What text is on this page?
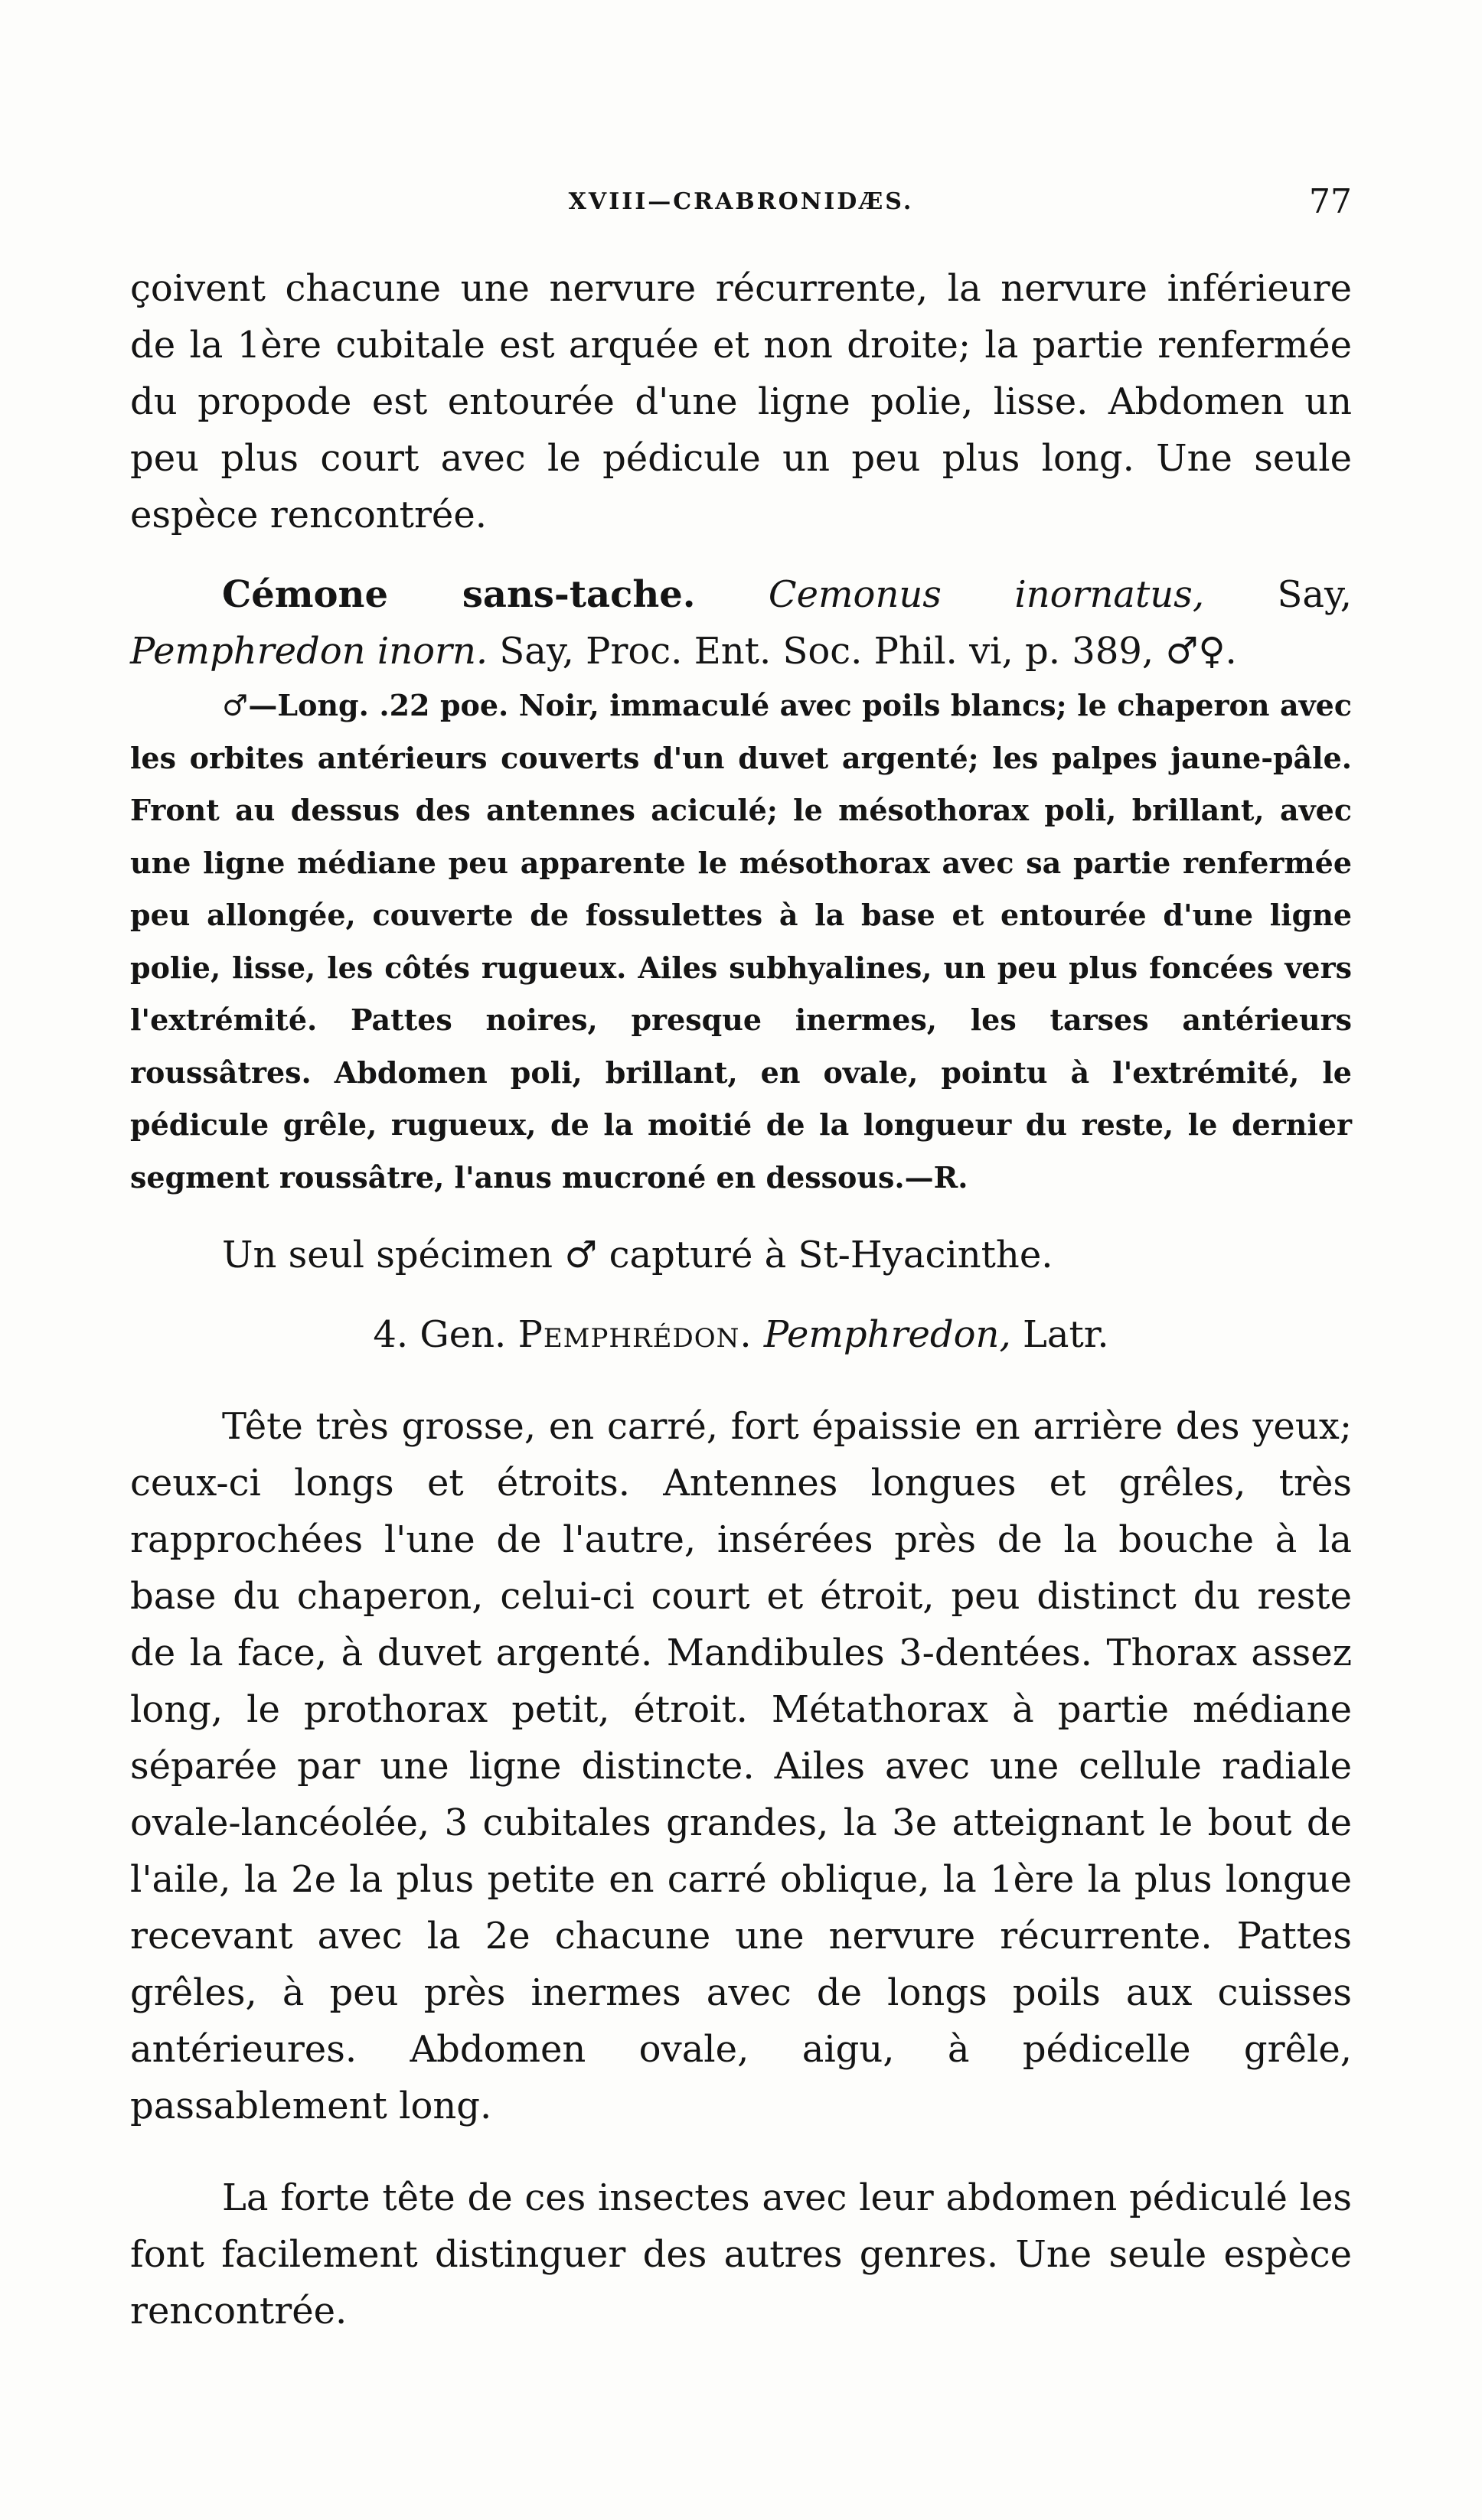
XVIII—CRABRONIDÆS.	77

çoivent chacune une nervure récurrente, la nervure inférieure de la 1ère cubitale est arquée et non droite; la partie renfermée du propode est entourée d'une ligne polie, lisse. Abdomen un peu plus court avec le pédicule un peu plus long. Une seule espèce rencontrée.

Cémone sans-tache. Cemonus inornatus, Say, Pemphredon inorn. Say, Proc. Ent. Soc. Phil. vi, p. 389, ♂♀.

♂—Long. .22 poe. Noir, immaculé avec poils blancs; le chaperon avec les orbites antérieurs couverts d'un duvet argenté; les palpes jaune-pâle. Front au dessus des antennes aciculé; le mésothorax poli, brillant, avec une ligne médiane peu apparente le mésothorax avec sa partie renfermée peu allongée, couverte de fossulettes à la base et entourée d'une ligne polie, lisse, les côtés rugueux. Ailes subhyalines, un peu plus foncées vers l'extrémité. Pattes noires, presque inermes, les tarses antérieurs roussâtres. Abdomen poli, brillant, en ovale, pointu à l'extrémité, le pédicule grêle, rugueux, de la moitié de la longueur du reste, le dernier segment roussâtre, l'anus mucroné en dessous.—R.

Un seul spécimen ♂ capturé à St-Hyacinthe.

4. Gen. Pemphrédon. Pemphredon, Latr.

Tête très grosse, en carré, fort épaissie en arrière des yeux; ceux-ci longs et étroits. Antennes longues et grêles, très rapprochées l'une de l'autre, insérées près de la bouche à la base du chaperon, celui-ci court et étroit, peu distinct du reste de la face, à duvet argenté. Mandibules 3-dentées. Thorax assez long, le prothorax petit, étroit. Métathorax à partie médiane séparée par une ligne distincte. Ailes avec une cellule radiale ovale-lancéolée, 3 cubitales grandes, la 3e atteignant le bout de l'aile, la 2e la plus petite en carré oblique, la 1ère la plus longue recevant avec la 2e chacune une nervure récurrente. Pattes grêles, à peu près inermes avec de longs poils aux cuisses antérieures. Abdomen ovale, aigu, à pédicelle grêle, passablement long.

La forte tête de ces insectes avec leur abdomen pédiculé les font facilement distinguer des autres genres. Une seule espèce rencontrée.
